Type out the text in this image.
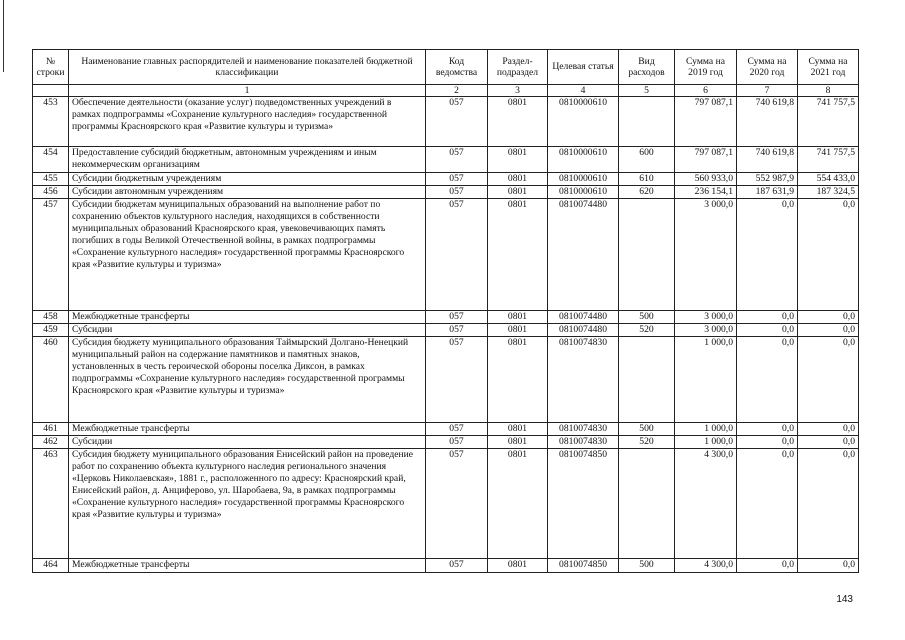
№ строки	Наименование главных распорядителей и наименование показателей бюджетной классификации	Код ведомства	Раздел-подраздел	Целевая статья	Вид расходов	Сумма на 2019 год	Сумма на 2020 год	Сумма на 2021 год
	1	2	3	4	5	6	7	8
453	Обеспечение деятельности (оказание услуг) подведомственных учреждений в рамках подпрограммы «Сохранение культурного наследия» государственной программы Красноярского края «Развитие культуры и туризма»	057	0801	0810000610		797 087,1	740 619,8	741 757,5
454	Предоставление субсидий бюджетным, автономным учреждениям и иным некоммерческим организациям	057	0801	0810000610	600	797 087,1	740 619,8	741 757,5
455	Субсидии бюджетным учреждениям	057	0801	0810000610	610	560 933,0	552 987,9	554 433,0
456	Субсидии автономным учреждениям	057	0801	0810000610	620	236 154,1	187 631,9	187 324,5
457	Субсидии бюджетам муниципальных образований на выполнение работ по сохранению объектов культурного наследия, находящихся в собственности муниципальных образований Красноярского края, увековечивающих память погибших в годы Великой Отечественной войны, в рамках подпрограммы «Сохранение культурного наследия» государственной программы Красноярского края «Развитие культуры и туризма»	057	0801	0810074480		3 000,0	0,0	0,0
458	Межбюджетные трансферты	057	0801	0810074480	500	3 000,0	0,0	0,0
459	Субсидии	057	0801	0810074480	520	3 000,0	0,0	0,0
460	Субсидия бюджету муниципального образования Таймырский Долгано-Ненецкий муниципальный район на содержание памятников и памятных знаков, установленных в честь героической обороны поселка Диксон, в рамках подпрограммы «Сохранение культурного наследия» государственной программы Красноярского края «Развитие культуры и туризма»	057	0801	0810074830		1 000,0	0,0	0,0
461	Межбюджетные трансферты	057	0801	0810074830	500	1 000,0	0,0	0,0
462	Субсидии	057	0801	0810074830	520	1 000,0	0,0	0,0
463	Субсидия бюджету муниципального образования Енисейский район на проведение работ по сохранению объекта культурного наследия регионального значения «Церковь Николаевская», 1881 г., расположенного по адресу: Красноярский край, Енисейский район, д. Анциферово, ул. Шаробаева, 9а, в рамках подпрограммы «Сохранение культурного наследия» государственной программы Красноярского края «Развитие культуры и туризма»	057	0801	0810074850		4 300,0	0,0	0,0
464	Межбюджетные трансферты	057	0801	0810074850	500	4 300,0	0,0	0,0
143
